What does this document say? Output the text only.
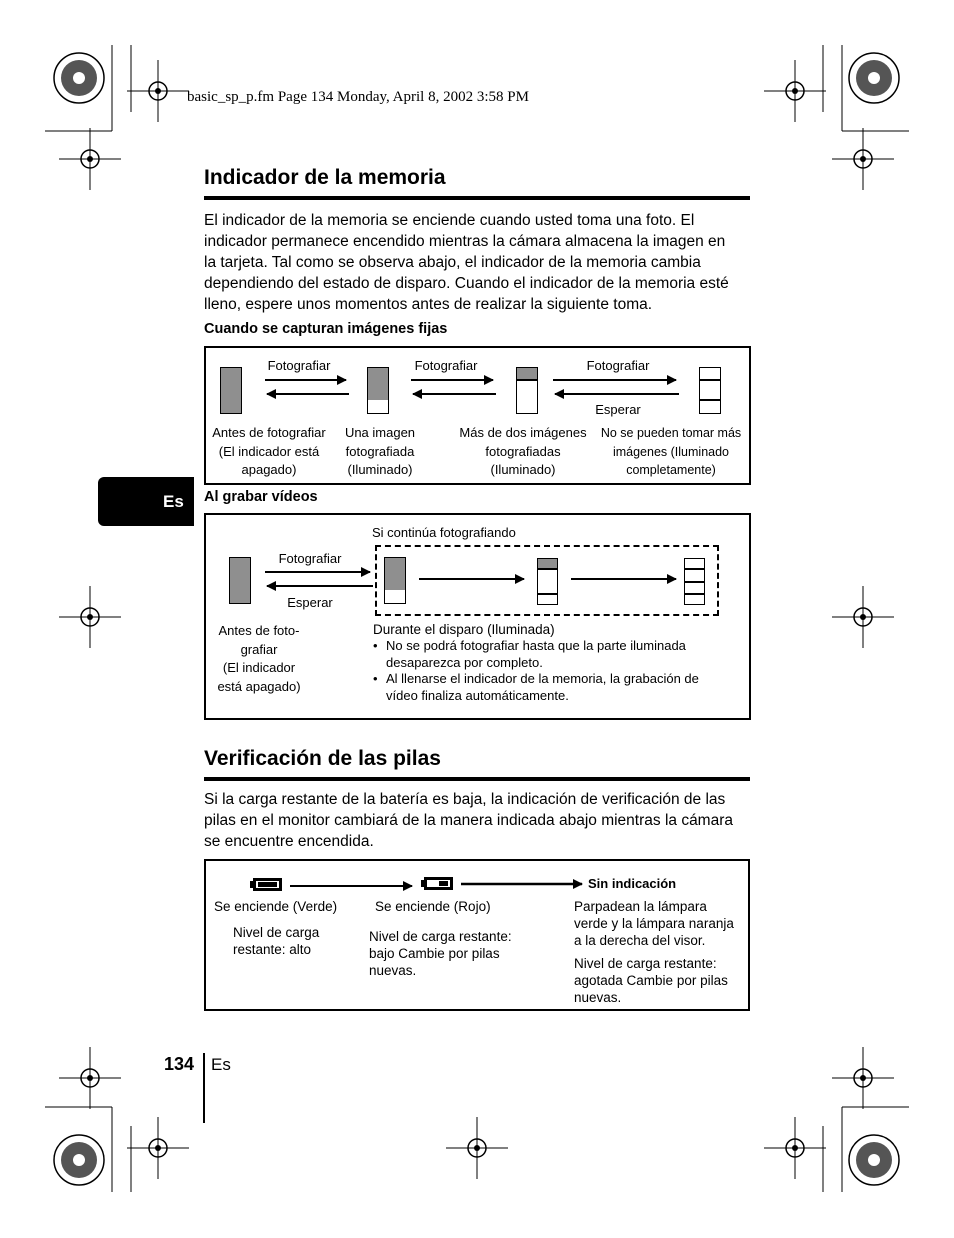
basic_sp_p.fm Page 134 Monday, April 8, 2002 3:58 PM
Indicador de la memoria
El indicador de la memoria se enciende cuando usted toma una foto. El
indicador permanece encendido mientras la cámara almacena la imagen en
la tarjeta. Tal como se observa abajo, el indicador de la memoria cambia
dependiendo del estado de disparo. Cuando el indicador de la memoria esté
lleno, espere unos momentos antes de realizar la siguiente toma.
Cuando se capturan imágenes fijas
Fotografiar	Fotografiar	Fotografiar
Esperar
Antes de fotografiar
(El indicador está
apagado)
Una imagen
fotografiada
(Iluminado)
Más de dos imágenes
fotografiadas
(Iluminado)
No se pueden tomar más
imágenes (Iluminado
completamente)
Es Al grabar vídeos
Si continúa fotografiando
Fotografiar
Esperar
Antes de foto-
grafiar
(El indicador
está apagado)
Durante el disparo (Iluminada)
• No se podrá fotografiar hasta que la parte iluminada
desaparezca por completo.
• Al llenarse el indicador de la memoria, la grabación de
vídeo finaliza automáticamente.
Verificación de las pilas
Si la carga restante de la batería es baja, la indicación de verificación de las
pilas en el monitor cambiará de la manera indicada abajo mientras la cámara
se encuentre encendida.
Sin indicación
Se enciende (Verde)
Nivel de carga
restante: alto
Se enciende (Rojo)
Nivel de carga restante:
bajo Cambie por pilas
nuevas.
Parpadean la lámpara
verde y la lámpara naranja
a la derecha del visor.
Nivel de carga restante:
agotada Cambie por pilas
nuevas.
134 Es
